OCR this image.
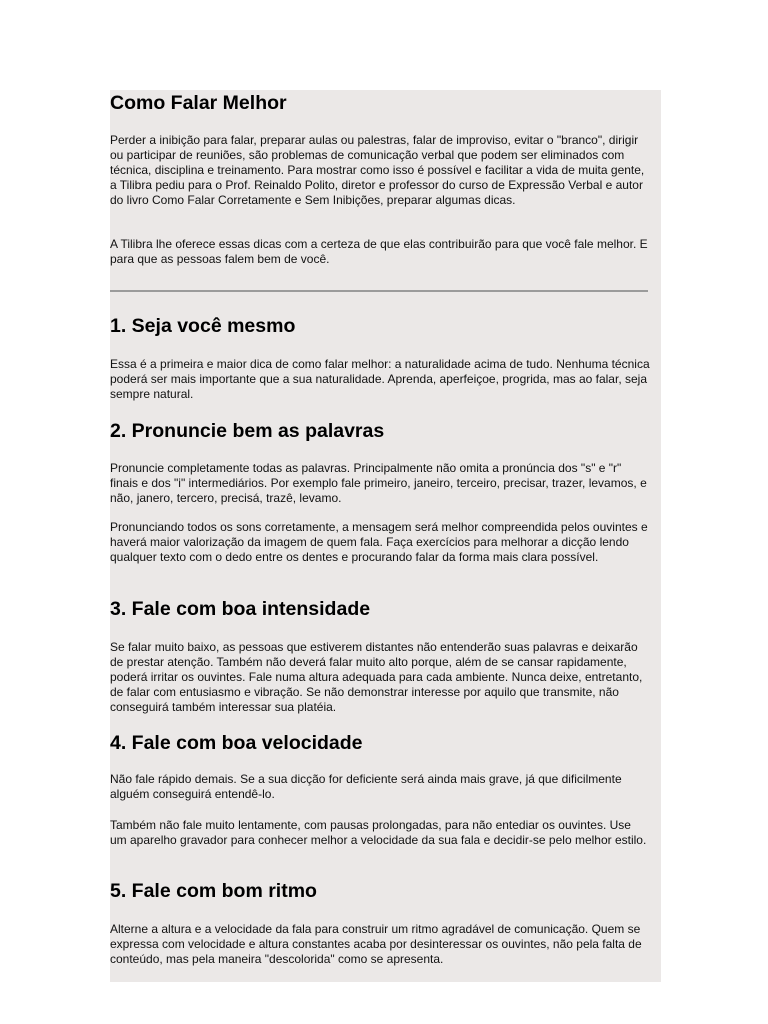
Como Falar Melhor

Perder a inibição para falar, preparar aulas ou palestras, falar de improviso, evitar o "branco", dirigir ou participar de reuniões, são problemas de comunicação verbal que podem ser eliminados com técnica, disciplina e treinamento. Para mostrar como isso é possível e facilitar a vida de muita gente, a Tilibra pediu para o Prof. Reinaldo Polito, diretor e professor do curso de Expressão Verbal e autor do livro Como Falar Corretamente e Sem Inibições, preparar algumas dicas.

A Tilibra lhe oferece essas dicas com a certeza de que elas contribuirão para que você fale melhor. E para que as pessoas falem bem de você.

1. Seja você mesmo

Essa é a primeira e maior dica de como falar melhor: a naturalidade acima de tudo. Nenhuma técnica poderá ser mais importante que a sua naturalidade. Aprenda, aperfeiçoe, progrida, mas ao falar, seja sempre natural.

2. Pronuncie bem as palavras

Pronuncie completamente todas as palavras. Principalmente não omita a pronúncia dos "s" e "r" finais e dos "i" intermediários. Por exemplo fale primeiro, janeiro, terceiro, precisar, trazer, levamos, e não, janero, tercero, precisá, trazê, levamo.

Pronunciando todos os sons corretamente, a mensagem será melhor compreendida pelos ouvintes e haverá maior valorização da imagem de quem fala. Faça exercícios para melhorar a dicção lendo qualquer texto com o dedo entre os dentes e procurando falar da forma mais clara possível.

3. Fale com boa intensidade

Se falar muito baixo, as pessoas que estiverem distantes não entenderão suas palavras e deixarão de prestar atenção. Também não deverá falar muito alto porque, além de se cansar rapidamente, poderá irritar os ouvintes. Fale numa altura adequada para cada ambiente. Nunca deixe, entretanto, de falar com entusiasmo e vibração. Se não demonstrar interesse por aquilo que transmite, não conseguirá também interessar sua platéia.

4. Fale com boa velocidade

Não fale rápido demais. Se a sua dicção for deficiente será ainda mais grave, já que dificilmente alguém conseguirá entendê-lo.

Também não fale muito lentamente, com pausas prolongadas, para não entediar os ouvintes. Use um aparelho gravador para conhecer melhor a velocidade da sua fala e decidir-se pelo melhor estilo.

5. Fale com bom ritmo

Alterne a altura e a velocidade da fala para construir um ritmo agradável de comunicação. Quem se expressa com velocidade e altura constantes acaba por desinteressar os ouvintes, não pela falta de conteúdo, mas pela maneira "descolorida" como se apresenta.
